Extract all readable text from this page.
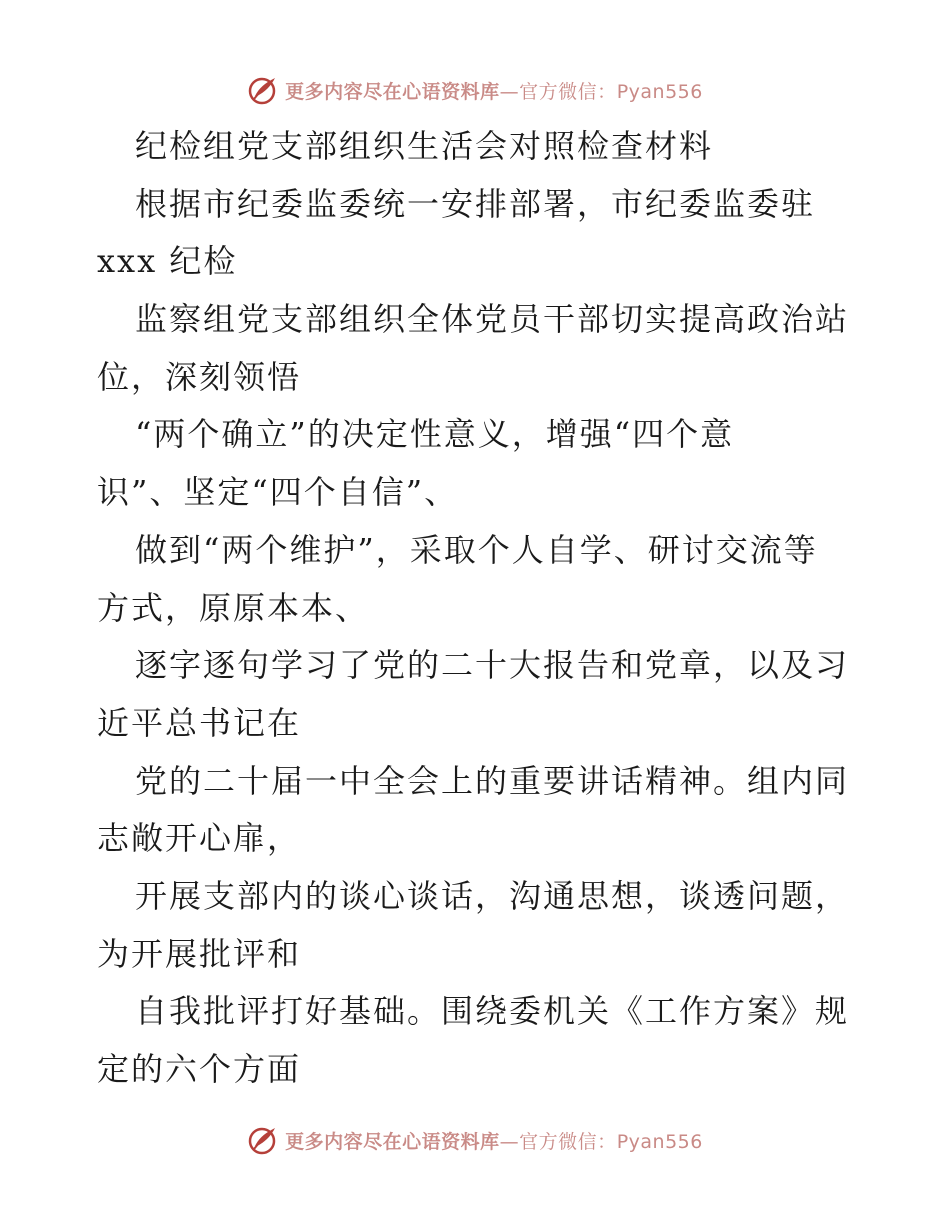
更多内容尽在心语资料库—官方微信：Pyan556
纪检组党支部组织生活会对照检查材料
根据市纪委监委统一安排部署，市纪委监委驻
xxx 纪检
监察组党支部组织全体党员干部切实提高政治站
位，深刻领悟
“两个确立”的决定性意义，增强“四个意
识”、坚定“四个自信”、
做到“两个维护”，采取个人自学、研讨交流等
方式，原原本本、
逐字逐句学习了党的二十大报告和党章，以及习
近平总书记在
党的二十届一中全会上的重要讲话精神。组内同
志敞开心扉，
开展支部内的谈心谈话，沟通思想，谈透问题，
为开展批评和
自我批评打好基础。围绕委机关《工作方案》规
定的六个方面
更多内容尽在心语资料库—官方微信：Pyan556
